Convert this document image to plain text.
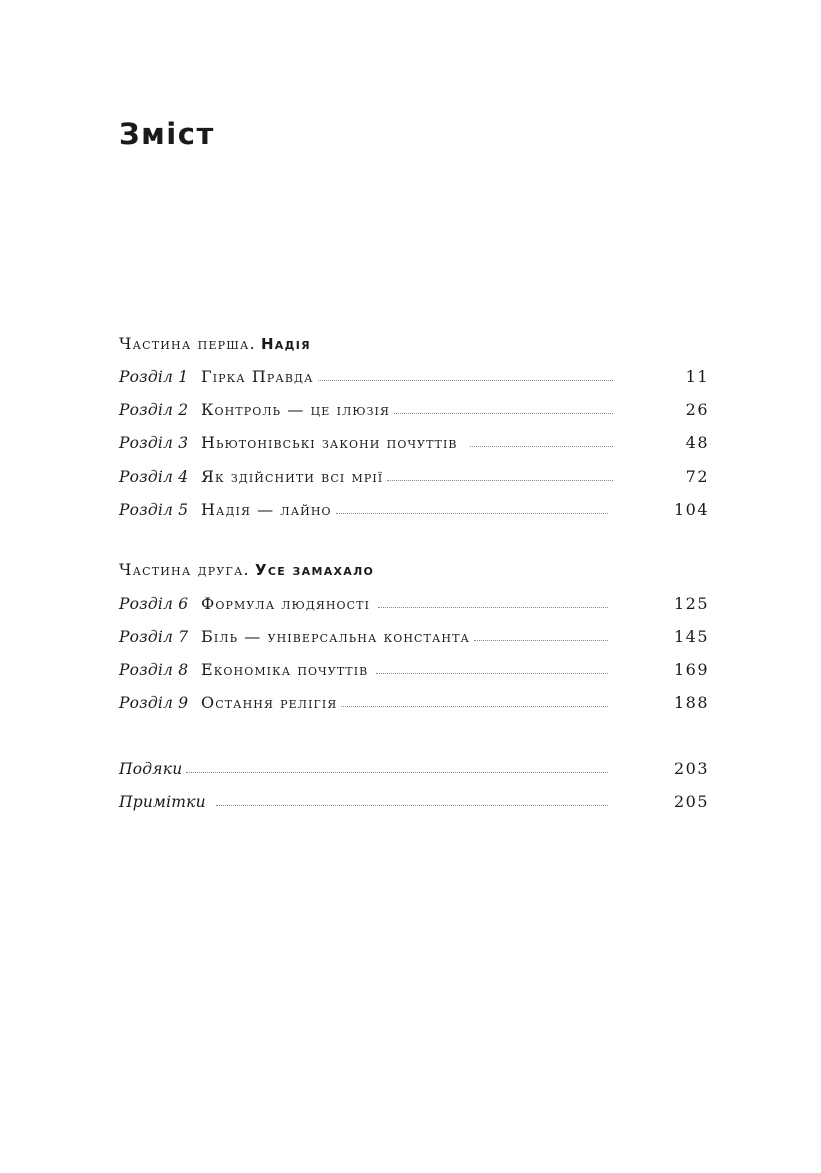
Зміст
Частина перша. Надія
Розділ 1 Гірка Правда	11
Розділ 2 Контроль — це ілюзія	26
Розділ 3 Ньютонівські закони почуттів	48
Розділ 4 Як здійснити всі мрії	72
Розділ 5 Надія — лайно	104
Частина друга. Усе замахало
Розділ 6 Формула людяності	125
Розділ 7 Біль — універсальна константа	145
Розділ 8 Економіка почуттів	169
Розділ 9 Остання релігія	188
Подяки	203
Примітки	205
